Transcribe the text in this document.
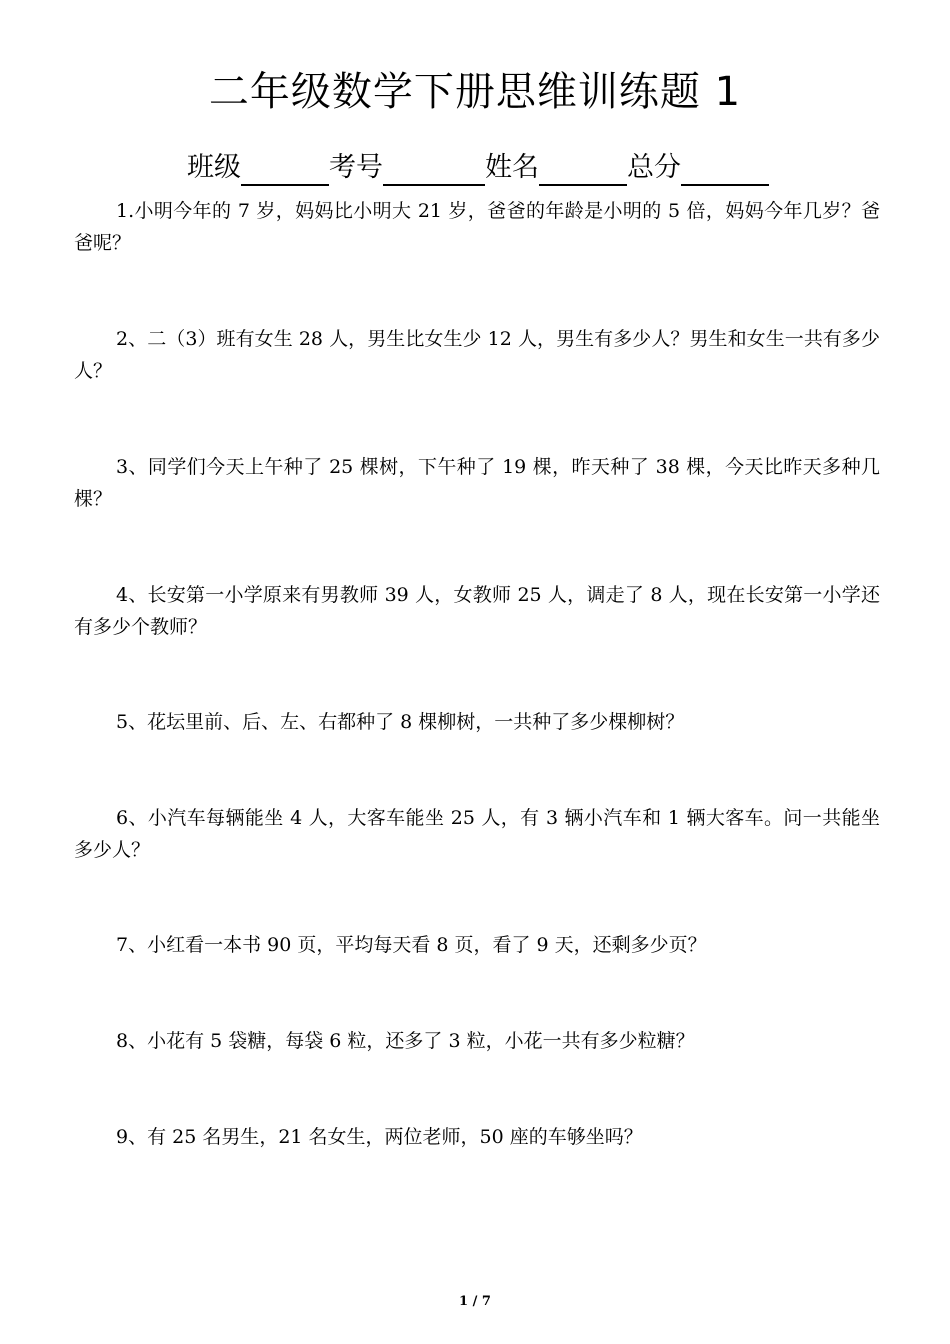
二年级数学下册思维训练题 1
班级	考号	姓名	总分

1.小明今年的 7 岁，妈妈比小明大 21 岁，爸爸的年龄是小明的 5 倍，妈妈今年几岁？爸爸呢？

2、二（3）班有女生 28 人，男生比女生少 12 人，男生有多少人？男生和女生一共有多少人？

3、同学们今天上午种了 25 棵树，下午种了 19 棵，昨天种了 38 棵，今天比昨天多种几棵？

4、长安第一小学原来有男教师 39 人，女教师 25 人，调走了 8 人，现在长安第一小学还有多少个教师？

5、花坛里前、后、左、右都种了 8 棵柳树，一共种了多少棵柳树？

6、小汽车每辆能坐 4 人，大客车能坐 25 人，有 3 辆小汽车和 1 辆大客车。问一共能坐多少人？

7、小红看一本书 90 页，平均每天看 8 页，看了 9 天，还剩多少页？

8、小花有 5 袋糖，每袋 6 粒，还多了 3 粒，小花一共有多少粒糖？

9、有 25 名男生，21 名女生，两位老师，50 座的车够坐吗？

1 / 7
